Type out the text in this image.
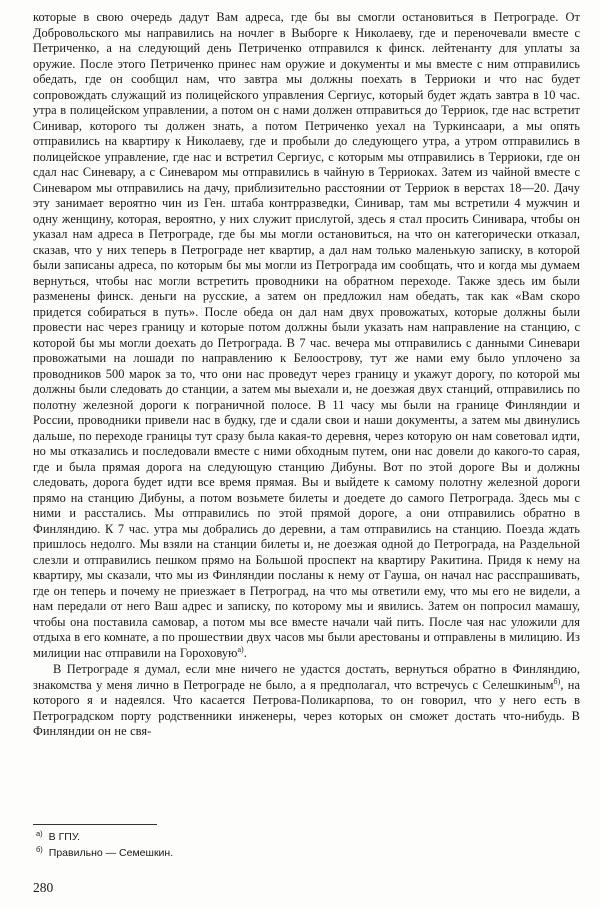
которые в свою очередь дадут Вам адреса, где бы вы смогли остановиться в Петрограде. От Добровольского мы направились на ночлег в Выборге к Николаеву, где и переночевали вместе с Петриченко, а на следующий день Петриченко отправился к финск. лейтенанту для уплаты за оружие. После этого Петриченко принес нам оружие и документы и мы вместе с ним отправились обедать, где он сообщил нам, что завтра мы должны поехать в Терриоки и что нас будет сопровождать служащий из полицейского управления Сергиус, который будет ждать завтра в 10 час. утра в полицейском управлении, а потом он с нами должен отправиться до Терриок, где нас встретит Синивар, которого ты должен знать, а потом Петриченко уехал на Туркинсаари, а мы опять отправились на квартиру к Николаеву, где и пробыли до следующего утра, а утром отправились в полицейское управление, где нас и встретил Сергиус, с которым мы отправились в Терриоки, где он сдал нас Синевару, а с Синеваром мы отправились в чайную в Терриоках. Затем из чайной вместе с Синеваром мы отправились на дачу, приблизительно расстоянии от Терриок в верстах 18—20. Дачу эту занимает вероятно чин из Ген. штаба контрразведки, Синивар, там мы встретили 4 мужчин и одну женщину, которая, вероятно, у них служит прислугой, здесь я стал просить Синивара, чтобы он указал нам адреса в Петрограде, где бы мы могли остановиться, на что он категорически отказал, сказав, что у них теперь в Петрограде нет квартир, а дал нам только маленькую записку, в которой были записаны адреса, по которым бы мы могли из Петрограда им сообщать, что и когда мы думаем вернуться, чтобы нас могли встретить проводники на обратном переходе. Также здесь им были разменены финск. деньги на русские, а затем он предложил нам обедать, так как «Вам скоро придется собираться в путь». После обеда он дал нам двух провожатых, которые должны были провести нас через границу и которые потом должны были указать нам направление на станцию, с которой бы мы могли доехать до Петрограда. В 7 час. вечера мы отправились с данными Синевари провожатыми на лошади по направлению к Белоострову, тут же нами ему было уплочено за проводников 500 марок за то, что они нас проведут через границу и укажут дорогу, по которой мы должны были следовать до станции, а затем мы выехали и, не доезжая двух станций, отправились по полотну железной дороги к пограничной полосе. В 11 часу мы были на границе Финляндии и России, проводники привели нас в будку, где и сдали свои и наши документы, а затем мы двинулись дальше, по переходе границы тут сразу была какая-то деревня, через которую он нам советовал идти, но мы отказались и последовали вместе с ними обходным путем, они нас довели до какого-то сарая, где и была прямая дорога на следующую станцию Дибуны. Вот по этой дороге Вы и должны следовать, дорога будет идти все время прямая. Вы и выйдете к самому полотну железной дороги прямо на станцию Дибуны, а потом возьмете билеты и доедете до самого Петрограда. Здесь мы с ними и расстались. Мы отправились по этой прямой дороге, а они отправились обратно в Финляндию. К 7 час. утра мы добрались до деревни, а там отправились на станцию. Поезда ждать пришлось недолго. Мы взяли на станции билеты и, не доезжая одной до Петрограда, на Раздельной слезли и отправились пешком прямо на Большой проспект на квартиру Ракитина. Придя к нему на квартиру, мы сказали, что мы из Финляндии посланы к нему от Гауша, он начал нас расспрашивать, где он теперь и почему не приезжает в Петроград, на что мы ответили ему, что мы его не видели, а нам передали от него Ваш адрес и записку, по которому мы и явились. Затем он попросил мамашу, чтобы она поставила самовар, а потом мы все вместе начали чай пить. После чая нас уложили для отдыха в его комнате, а по прошествии двух часов мы были арестованы и отправлены в милицию. Из милиции нас отправили на Гороховую$^{а)}$.

В Петрограде я думал, если мне ничего не удастся достать, вернуться обратно в Финляндию, знакомства у меня лично в Петрограде не было, а я предполагал, что встречусь с Селешкиным$^{б)}$, на которого я и надеялся. Что касается Петрова-Поликарпова, то он говорил, что у него есть в Петроградском порту родственники инженеры, через которых он сможет достать что-нибудь. В Финляндии он не свя-

$^{а)}$ В ГПУ.
$^{б)}$ Правильно — Семешкин.
280
